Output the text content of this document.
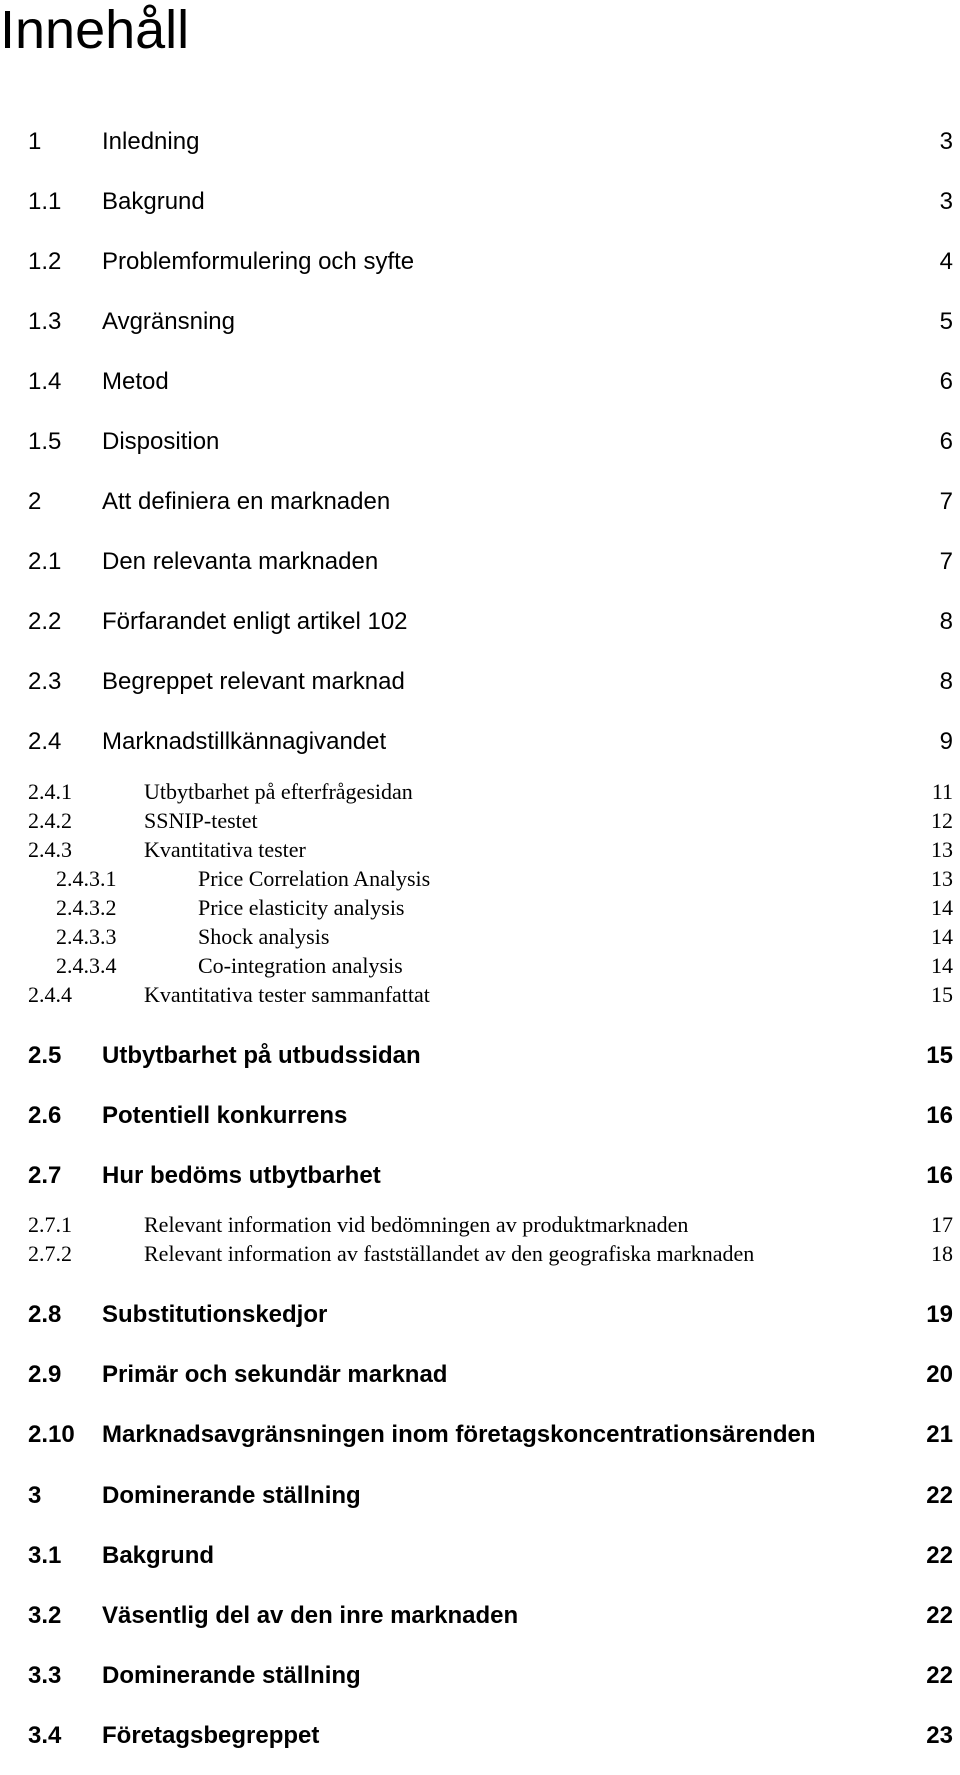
Innehåll
1	Inledning	3
1.1 Bakgrund	3
1.2 Problemformulering och syfte	4
1.3 Avgränsning	5
1.4 Metod	6
1.5 Disposition	6
2	Att definiera en marknaden	7
2.1 Den relevanta marknaden	7
2.2 Förfarandet enligt artikel 102	8
2.3 Begreppet relevant marknad	8
2.4 Marknadstillkännagivandet	9
2.4.1	Utbytbarhet på efterfrågesidan	11
2.4.2	SSNIP-testet	12
2.4.3	Kvantitativa tester	13
2.4.3.1	Price Correlation Analysis	13
2.4.3.2	Price elasticity analysis	14
2.4.3.3	Shock analysis	14
2.4.3.4	Co-integration analysis	14
2.4.4	Kvantitativa tester sammanfattat	15
2.5 Utbytbarhet på utbudssidan	15
2.6 Potentiell konkurrens	16
2.7 Hur bedöms utbytbarhet	16
2.7.1	Relevant information vid bedömningen av produktmarknaden	17
2.7.2	Relevant information av fastställandet av den geografiska marknaden	18
2.8 Substitutionskedjor	19
2.9 Primär och sekundär marknad	20
2.10 Marknadsavgränsningen inom företagskoncentrationsärenden	21
3	Dominerande ställning	22
3.1 Bakgrund	22
3.2 Väsentlig del av den inre marknaden	22
3.3 Dominerande ställning	22
3.4 Företagsbegreppet	23
